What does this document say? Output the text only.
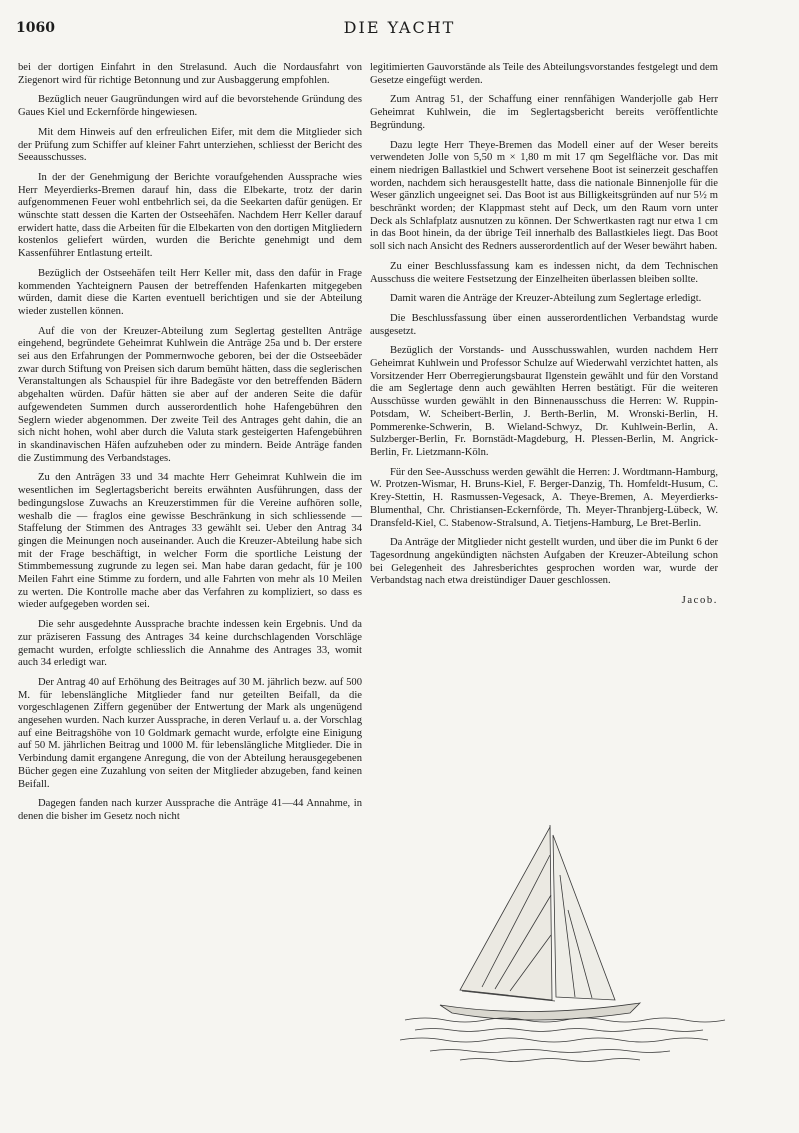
1060	DIE YACHT

bei der dortigen Einfahrt in den Strelasund. Auch die Nordausfahrt von Ziegenort wird für richtige Betonnung und zur Ausbaggerung empfohlen.

Bezüglich neuer Gaugründungen wird auf die bevorstehende Gründung des Gaues Kiel und Eckernförde hingewiesen.

Mit dem Hinweis auf den erfreulichen Eifer, mit dem die Mitglieder sich der Prüfung zum Schiffer auf kleiner Fahrt unterziehen, schliesst der Bericht des Seeausschusses.

In der der Genehmigung der Berichte voraufgehenden Aussprache wies Herr Meyerdierks-Bremen darauf hin, dass die Elbekarte, trotz der darin aufgenommenen Feuer wohl entbehrlich sei, da die Seekarten dafür genügen. Er wünschte statt dessen die Karten der Ostseehäfen. Nachdem Herr Keller darauf erwidert hatte, dass die Arbeiten für die Elbekarten von den dortigen Mitgliedern kostenlos geliefert würden, wurden die Berichte genehmigt und dem Kassenführer Entlastung erteilt.

Bezüglich der Ostseehäfen teilt Herr Keller mit, dass den dafür in Frage kommenden Yachteignern Pausen der betreffenden Hafenkarten mitgegeben würden, damit diese die Karten eventuell berichtigen und sie der Abteilung wieder zustellen können.

Auf die von der Kreuzer-Abteilung zum Seglertag gestellten Anträge eingehend, begründete Geheimrat Kuhlwein die Anträge 25a und b. Der erstere sei aus den Erfahrungen der Pommernwoche geboren, bei der die Ostseebäder zwar durch Stiftung von Preisen sich darum bemüht hätten, dass die seglerischen Veranstaltungen als Schauspiel für ihre Badegäste vor den betreffenden Bädern abgehalten würden. Dafür hätten sie aber auf der anderen Seite die dafür aufgewendeten Summen durch ausserordentlich hohe Hafengebühren den Seglern wieder abgenommen. Der zweite Teil des Antrages geht dahin, die an sich nicht hohen, wohl aber durch die Valuta stark gesteigerten Hafengebühren in skandinavischen Häfen aufzuheben oder zu mindern. Beide Anträge fanden die Zustimmung des Verbandstages.

Zu den Anträgen 33 und 34 machte Herr Geheimrat Kuhlwein die im wesentlichen im Seglertagsbericht bereits erwähnten Ausführungen, dass der bedingungslose Zuwachs an Kreuzerstimmen für die Vereine aufhören solle, weshalb die — fraglos eine gewisse Beschränkung in sich schliessende — Staffelung der Stimmen des Antrages 33 gewählt sei. Ueber den Antrag 34 gingen die Meinungen noch auseinander. Auch die Kreuzer-Abteilung habe sich mit der Frage beschäftigt, in welcher Form die sportliche Leistung der Stimmbemessung zugrunde zu legen sei. Man habe daran gedacht, für je 100 Meilen Fahrt eine Stimme zu fordern, und alle Fahrten von mehr als 10 Meilen zu werten. Die Kontrolle mache aber das Verfahren zu kompliziert, so dass es wieder aufgegeben worden sei.

Die sehr ausgedehnte Aussprache brachte indessen kein Ergebnis. Und da zur präziseren Fassung des Antrages 34 keine durchschlagenden Vorschläge gemacht wurden, erfolgte schliesslich die Annahme des Antrages 33, womit auch 34 erledigt war.

Der Antrag 40 auf Erhöhung des Beitrages auf 30 M. jährlich bezw. auf 500 M. für lebenslängliche Mitglieder fand nur geteilten Beifall, da die vorgeschlagenen Ziffern gegenüber der Entwertung der Mark als ungenügend angesehen wurden. Nach kurzer Aussprache, in deren Verlauf u. a. der Vorschlag auf eine Beitragshöhe von 10 Goldmark gemacht wurde, erfolgte eine Einigung auf 50 M. jährlichen Beitrag und 1000 M. für lebenslängliche Mitglieder. Die in Verbindung damit ergangene Anregung, die von der Abteilung herausgegebenen Bücher gegen eine Zuzahlung von seiten der Mitglieder abzugeben, fand keinen Beifall.

Dagegen fanden nach kurzer Aussprache die Anträge 41—44 Annahme, in denen die bisher im Gesetz noch nicht

legitimierten Gauvorstände als Teile des Abteilungsvorstandes festgelegt und dem Gesetze eingefügt werden.

Zum Antrag 51, der Schaffung einer rennfähigen Wanderjolle gab Herr Geheimrat Kuhlwein, die im Seglertagsbericht bereits veröffentlichte Begründung.

Dazu legte Herr Theye-Bremen das Modell einer auf der Weser bereits verwendeten Jolle von 5,50 m × 1,80 m mit 17 qm Segelfläche vor. Das mit einem niedrigen Ballastkiel und Schwert versehene Boot ist seinerzeit geschaffen worden, nachdem sich herausgestellt hatte, dass die nationale Binnenjolle für die Weser gänzlich ungeeignet sei. Das Boot ist aus Billigkeitsgründen auf nur 5½ m beschränkt worden; der Klappmast steht auf Deck, um den Raum vorn unter Deck als Schlafplatz ausnutzen zu können. Der Schwertkasten ragt nur etwa 1 cm in das Boot hinein, da der übrige Teil innerhalb des Ballastkieles liegt. Das Boot soll sich nach Ansicht des Redners ausserordentlich auf der Weser bewährt haben.

Zu einer Beschlussfassung kam es indessen nicht, da dem Technischen Ausschuss die weitere Festsetzung der Einzelheiten überlassen bleiben sollte.

Damit waren die Anträge der Kreuzer-Abteilung zum Seglertage erledigt.

Die Beschlussfassung über einen ausserordentlichen Verbandstag wurde ausgesetzt.

Bezüglich der Vorstands- und Ausschusswahlen, wurden nachdem Herr Geheimrat Kuhlwein und Professor Schulze auf Wiederwahl verzichtet hatten, als Vorsitzender Herr Oberregierungsbaurat Ilgenstein gewählt und für den Vorstand die am Seglertage denn auch gewählten Herren bestätigt. Für die weiteren Ausschüsse wurden gewählt in den Binnenausschuss die Herren: W. Ruppin-Potsdam, W. Scheibert-Berlin, J. Berth-Berlin, M. Wronski-Berlin, H. Pommerenke-Schwerin, B. Wieland-Schwyz, Dr. Kuhlwein-Berlin, A. Sulzberger-Berlin, Fr. Bornstädt-Magdeburg, H. Plessen-Berlin, M. Angrick-Berlin, Fr. Lietzmann-Köln.

Für den See-Ausschuss werden gewählt die Herren: J. Wordtmann-Hamburg, W. Protzen-Wismar, H. Bruns-Kiel, F. Berger-Danzig, Th. Homfeldt-Husum, C. Krey-Stettin, H. Rasmussen-Vegesack, A. Theye-Bremen, A. Meyerdierks-Blumenthal, Chr. Christiansen-Eckernförde, Th. Meyer-Thranbjerg-Lübeck, W. Dransfeld-Kiel, C. Stabenow-Stralsund, A. Tietjens-Hamburg, Le Bret-Berlin.

Da Anträge der Mitglieder nicht gestellt wurden, und über die im Punkt 6 der Tagesordnung angekündigten nächsten Aufgaben der Kreuzer-Abteilung schon bei Gelegenheit des Jahresberichtes gesprochen worden war, wurde der Verbandstag nach etwa dreistündiger Dauer geschlossen.

Jacob.
